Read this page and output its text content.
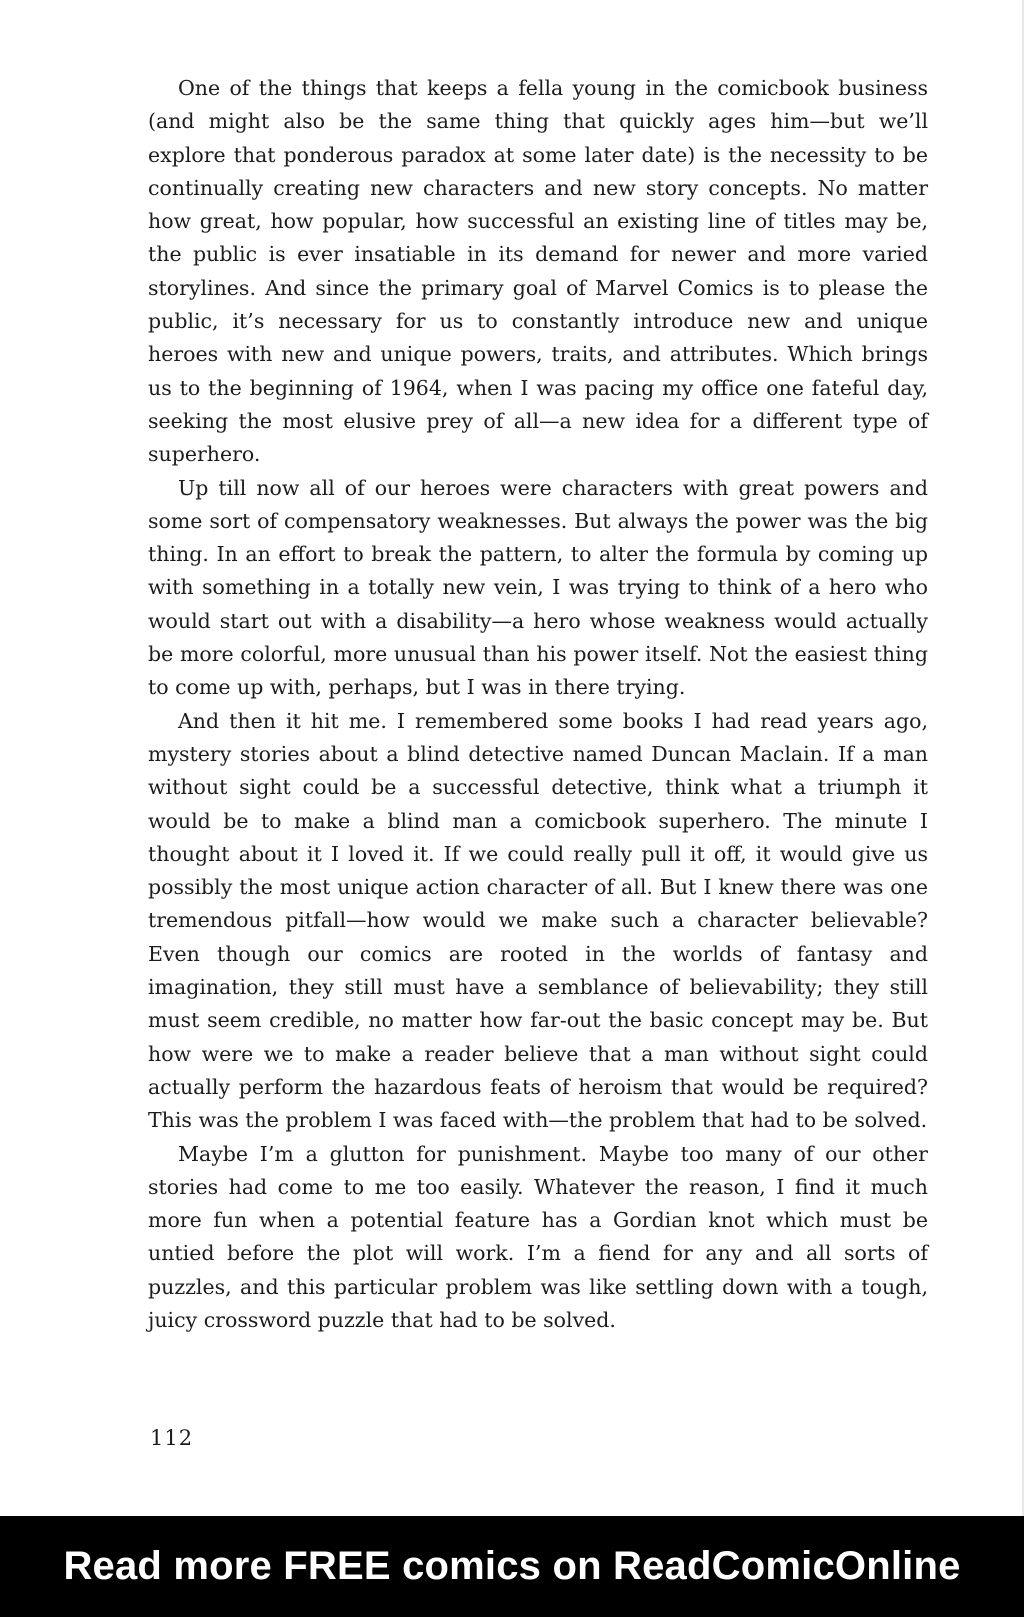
One of the things that keeps a fella young in the comicbook business (and might also be the same thing that quickly ages him—but we’ll explore that ponderous paradox at some later date) is the necessity to be continually creating new characters and new story concepts. No matter how great, how popular, how successful an existing line of titles may be, the public is ever insatiable in its demand for newer and more varied storylines. And since the primary goal of Marvel Comics is to please the public, it’s necessary for us to constantly introduce new and unique heroes with new and unique powers, traits, and attributes. Which brings us to the beginning of 1964, when I was pacing my office one fateful day, seeking the most elusive prey of all—a new idea for a different type of superhero.

Up till now all of our heroes were characters with great powers and some sort of compensatory weaknesses. But always the power was the big thing. In an effort to break the pattern, to alter the formula by coming up with something in a totally new vein, I was trying to think of a hero who would start out with a disability—a hero whose weakness would actually be more colorful, more unusual than his power itself. Not the easiest thing to come up with, perhaps, but I was in there trying.

And then it hit me. I remembered some books I had read years ago, mystery stories about a blind detective named Duncan Maclain. If a man without sight could be a successful detective, think what a triumph it would be to make a blind man a comicbook superhero. The minute I thought about it I loved it. If we could really pull it off, it would give us possibly the most unique action character of all. But I knew there was one tremendous pitfall—how would we make such a character believable? Even though our comics are rooted in the worlds of fantasy and imagination, they still must have a semblance of believability; they still must seem credible, no matter how far-out the basic concept may be. But how were we to make a reader believe that a man without sight could actually perform the hazardous feats of heroism that would be required? This was the problem I was faced with—the problem that had to be solved.

Maybe I’m a glutton for punishment. Maybe too many of our other stories had come to me too easily. Whatever the reason, I find it much more fun when a potential feature has a Gordian knot which must be untied before the plot will work. I’m a fiend for any and all sorts of puzzles, and this particular problem was like settling down with a tough, juicy crossword puzzle that had to be solved.

112
Read more FREE comics on ReadComicOnline
